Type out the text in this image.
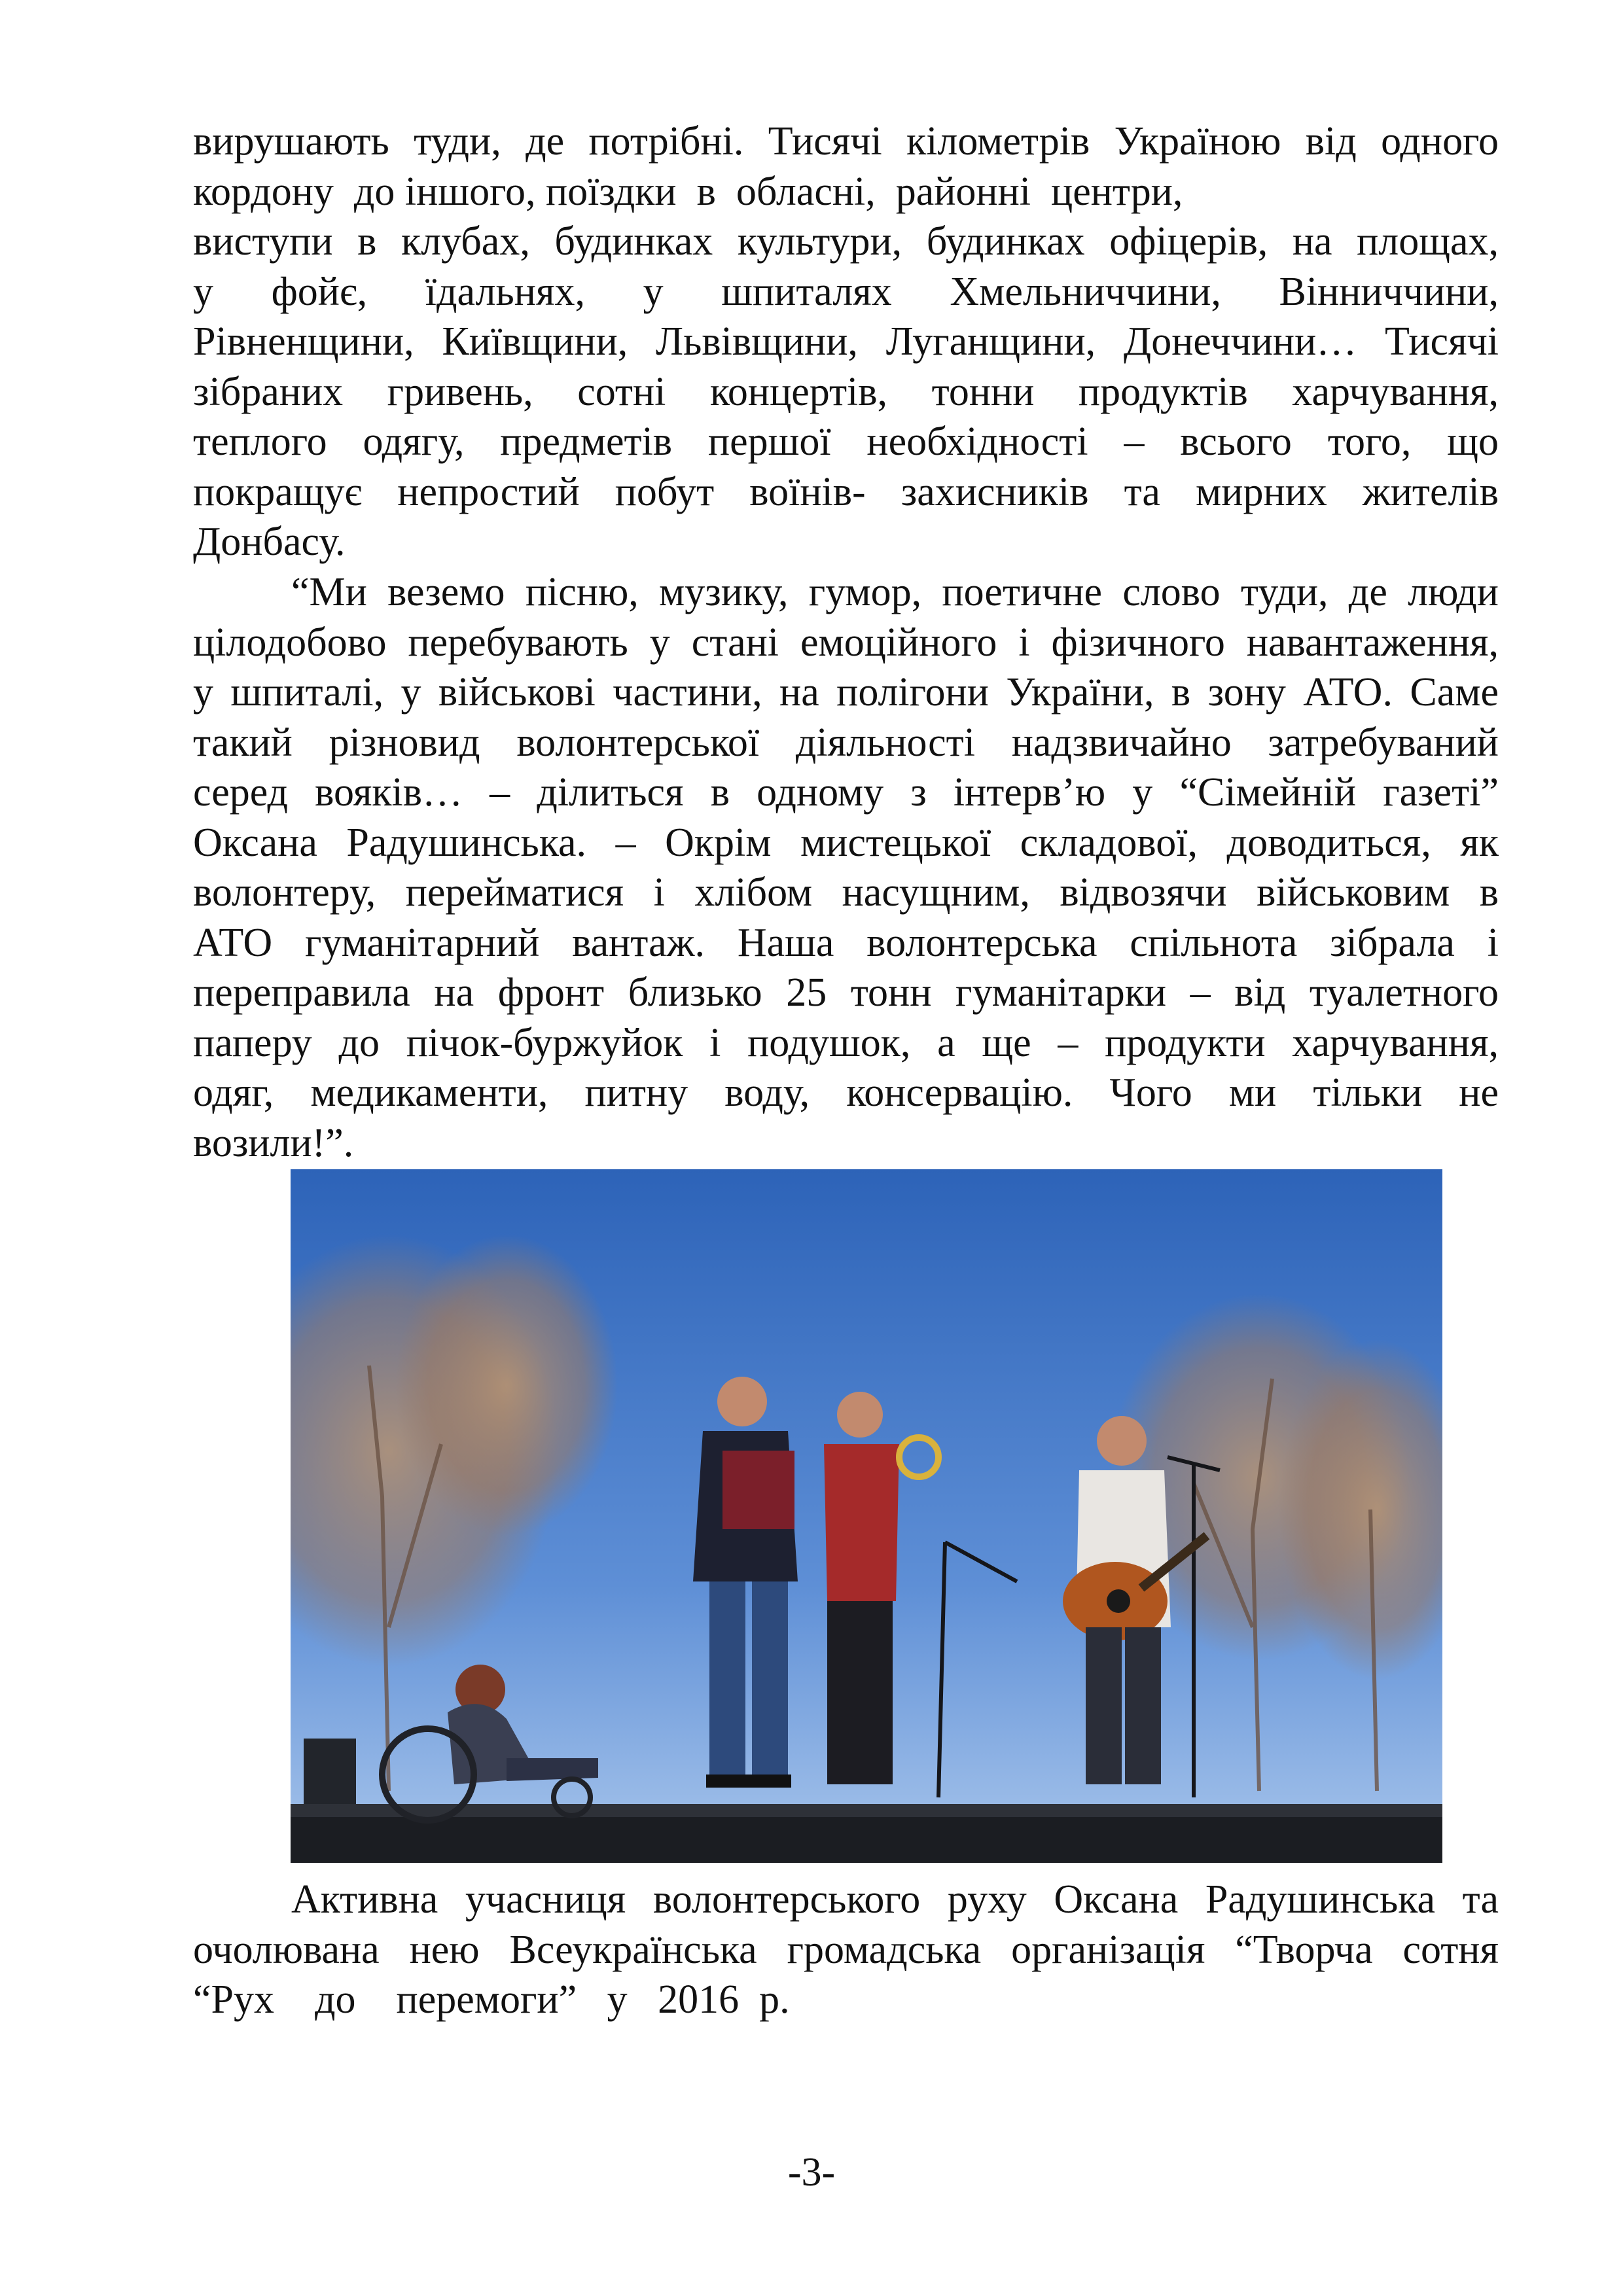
вирушають туди, де потрібні. Тисячі кілометрів Україною від одного
кордону  до іншого, поїздки  в  обласні,  районні  центри,
виступи в клубах, будинках культури, будинках офіцерів, на площах,
у фойє, їдальнях, у шпиталях Хмельниччини, Вінниччини,
Рівненщини, Київщини, Львівщини, Луганщини, Донеччини… Тисячі
зібраних гривень, сотні концертів, тонни продуктів харчування,
теплого одягу, предметів першої необхідності – всього того, що
покращує непростий побут воїнів- захисників та мирних жителів
Донбасу.
“Ми веземо пісню, музику, гумор, поетичне слово туди, де люди
цілодобово перебувають у стані емоційного і фізичного навантаження,
у шпиталі, у військові частини, на полігони України, в зону АТО. Саме
такий різновид волонтерської діяльності надзвичайно затребуваний
серед вояків… – ділиться в одному з інтерв’ю у “Сімейній газеті”
Оксана Радушинська. – Окрім мистецької складової, доводиться, як
волонтеру, перейматися і хлібом насущним, відвозячи військовим в
АТО гуманітарний вантаж. Наша волонтерська спільнота зібрала і
переправила на фронт близько 25 тонн гуманітарки – від туалетного
паперу до пічок-буржуйок і подушок, а ще – продукти харчування,
одяг, медикаменти, питну воду, консервацію. Чого ми тільки не
возили!”.
Активна учасниця волонтерського руху Оксана Радушинська та
очолювана нею Всеукраїнська громадська організація “Творча сотня
“Рух    до    перемоги”   у   2016  р.
-3-
